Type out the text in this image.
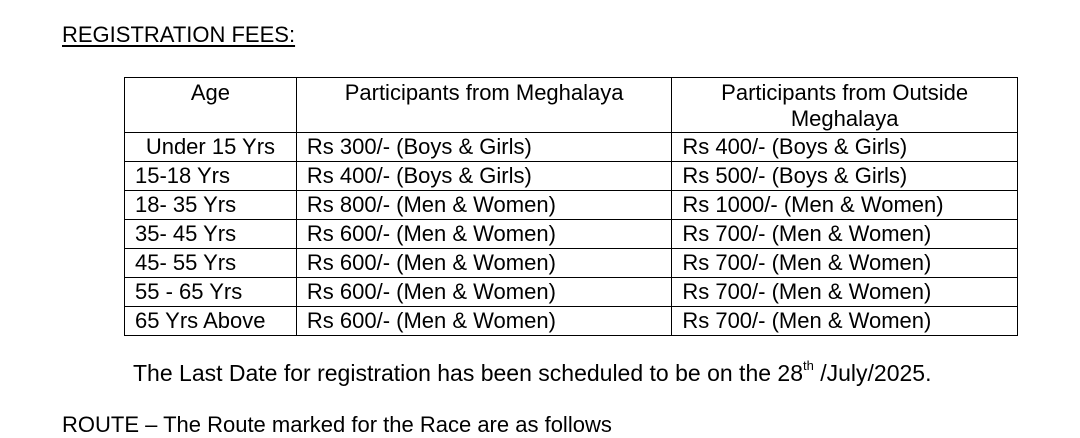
REGISTRATION FEES:
Age	Participants from Meghalaya	Participants from Outside Meghalaya
Under 15 Yrs	Rs 300/- (Boys & Girls)	Rs 400/- (Boys & Girls)
15-18 Yrs	Rs 400/- (Boys & Girls)	Rs 500/- (Boys & Girls)
18- 35 Yrs	Rs 800/- (Men & Women)	Rs 1000/- (Men & Women)
35- 45 Yrs	Rs 600/- (Men & Women)	Rs 700/- (Men & Women)
45- 55 Yrs	Rs 600/- (Men & Women)	Rs 700/- (Men & Women)
55 - 65 Yrs	Rs 600/- (Men & Women)	Rs 700/- (Men & Women)
65 Yrs Above	Rs 600/- (Men & Women)	Rs 700/- (Men & Women)
The Last Date for registration has been scheduled to be on the 28th /July/2025.
ROUTE – The Route marked for the Race are as follows
